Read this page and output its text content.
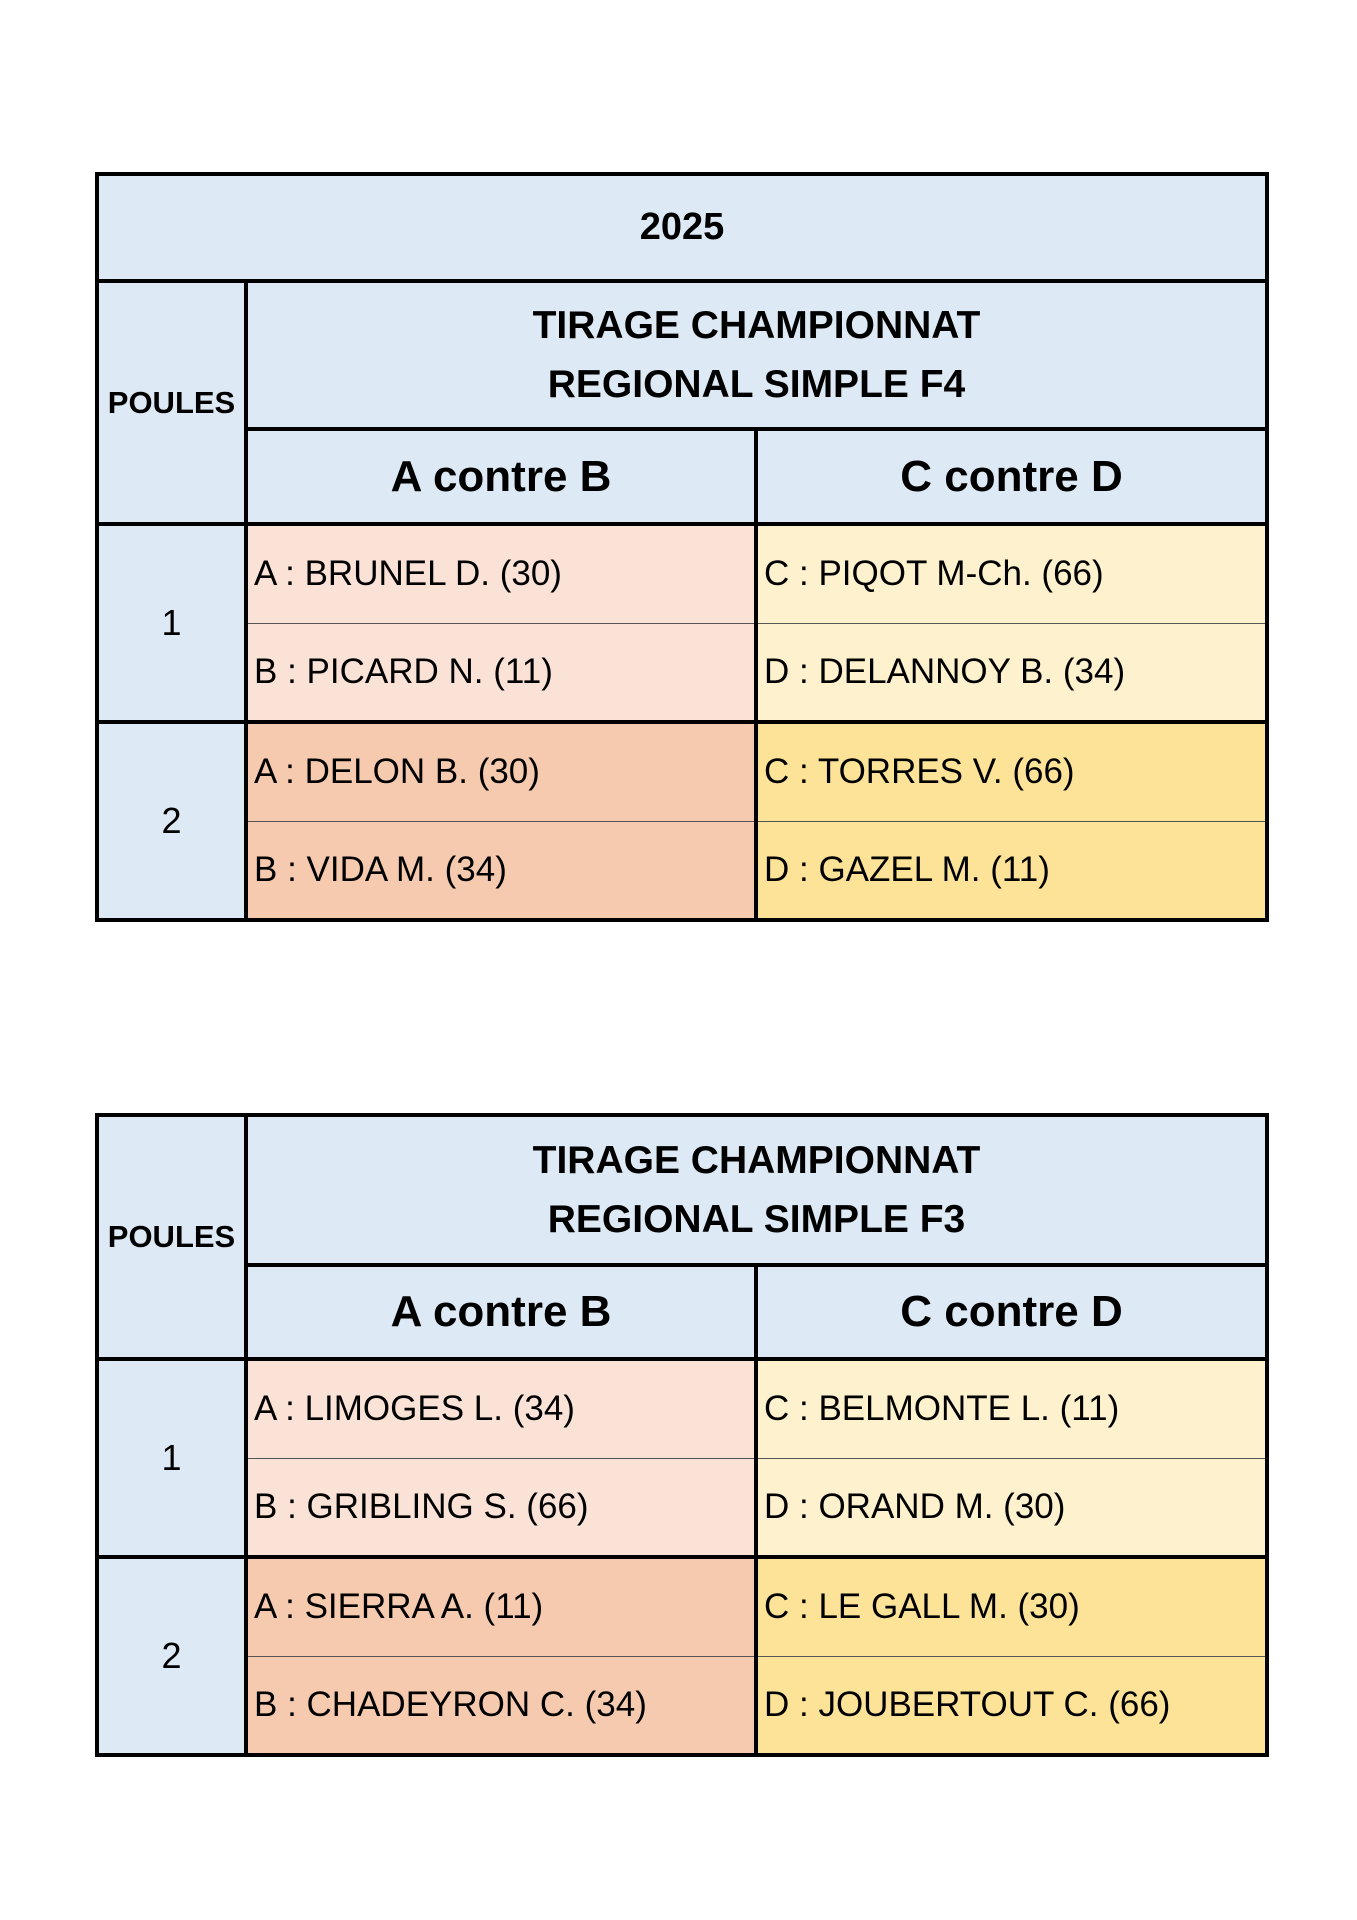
2025		
POULES	TIRAGE CHAMPIONNAT
REGIONAL SIMPLE F4	

	A contre B	C contre D
1	A : BRUNEL D. (30)	C : PIQOT M-Ch. (66)
	B : PICARD N. (11)	D : DELANNOY B. (34)
2	A : DELON B. (30)	C : TORRES V. (66)
	B : VIDA M. (34)	D : GAZEL M. (11)
POULES	TIRAGE CHAMPIONNAT
REGIONAL SIMPLE F3	

	A contre B	C contre D
1	A : LIMOGES L. (34)	C : BELMONTE L. (11)
	B : GRIBLING S. (66)	D : ORAND M. (30)
2	A : SIERRA A. (11)	C : LE GALL M. (30)
	B : CHADEYRON C. (34)	D : JOUBERTOUT C. (66)
